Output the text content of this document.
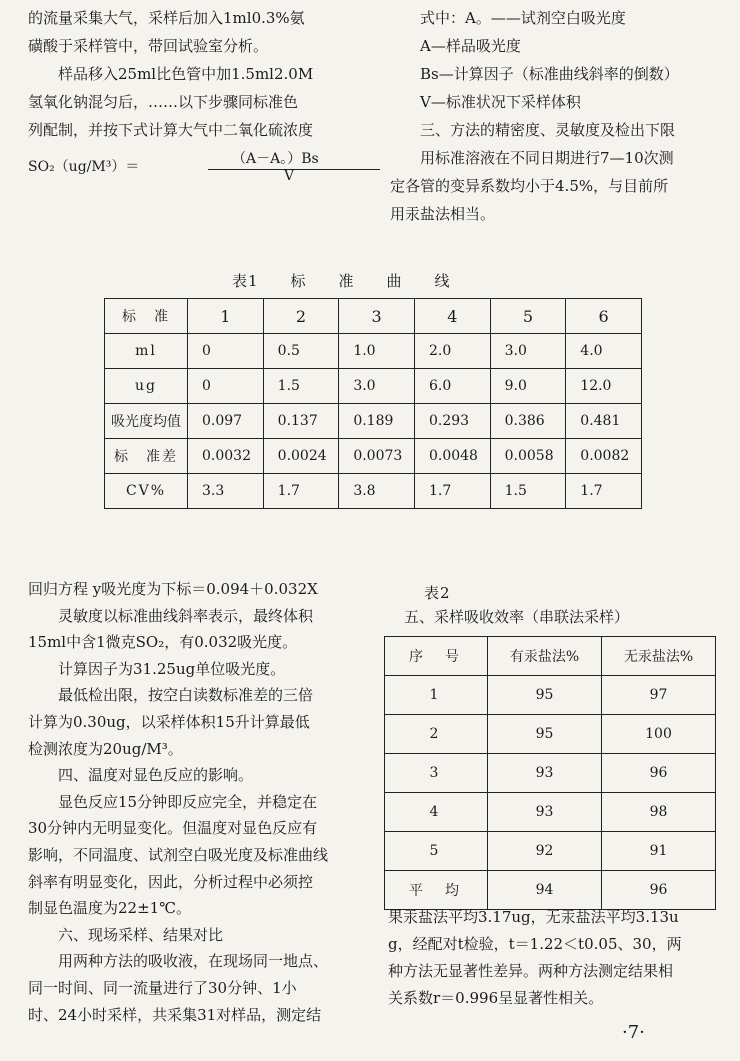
的流量采集大气，采样后加入1ml0.3%氨

磺酸于采样管中，带回试验室分析。

样品移入25ml比色管中加1.5ml2.0M

氢氧化钠混匀后，……以下步骤同标准色

列配制，并按下式计算大气中二氧化硫浓度

SO₂（ug/M³）＝	（A－A。）Bs
V

式中：A。——试剂空白吸光度

A—样品吸光度

Bs—计算因子（标准曲线斜率的倒数）

V—标准状况下采样体积

三、方法的精密度、灵敏度及检出下限

用标准溶液在不同日期进行7—10次测

定各管的变异系数均小于4.5%，与目前所

用汞盐法相当。

表1　　标　　准　　曲　　线
标　准	1	2	3	4	5	6
ml	0	0.5	1.0	2.0	3.0	4.0
ug	0	1.5	3.0	6.0	9.0	12.0
吸光度均值	0.097	0.137	0.189	0.293	0.386	0.481
标　准差	0.0032	0.0024	0.0073	0.0048	0.0058	0.0082
CV%	3.3	1.7	3.8	1.7	1.5	1.7

回归方程 y吸光度为下标＝0.094＋0.032X

灵敏度以标准曲线斜率表示，最终体积

15ml中含1微克SO₂，有0.032吸光度。

计算因子为31.25ug单位吸光度。

最低检出限，按空白读数标准差的三倍

计算为0.30ug，以采样体积15升计算最低

检测浓度为20ug/M³。

四、温度对显色反应的影响。

显色反应15分钟即反应完全，并稳定在

30分钟内无明显变化。但温度对显色反应有

影响，不同温度、试剂空白吸光度及标准曲线

斜率有明显变化，因此，分析过程中必须控

制显色温度为22±1℃。

六、现场采样、结果对比

用两种方法的吸收液，在现场同一地点、

同一时间、同一流量进行了30分钟、1小

时、24小时采样，共采集31对样品，测定结

表2
五、采样吸收效率（串联法采样）
序　号	有汞盐法%	无汞盐法%
1	95	97
2	95	100
3	93	96
4	93	98
5	92	91
平　均	94	96

果汞盐法平均3.17ug，无汞盐法平均3.13u

g，经配对t检验，t＝1.22＜t0.05、30，两

种方法无显著性差异。两种方法测定结果相

关系数r＝0.996呈显著性相关。

·7·
